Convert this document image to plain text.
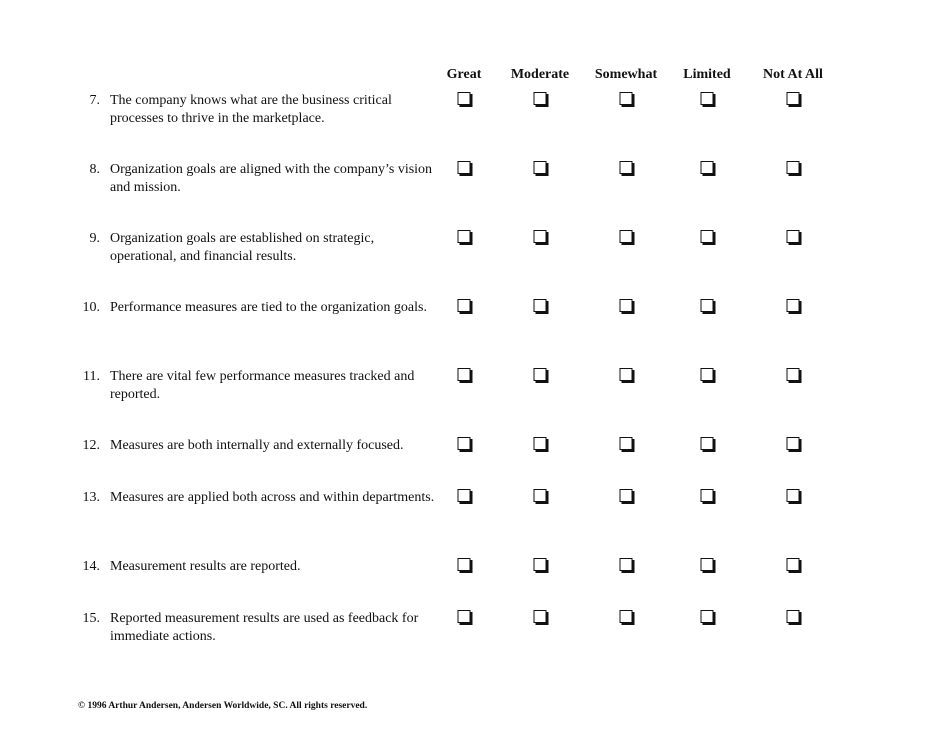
Great Moderate Somewhat Limited Not At All
7. The company knows what are the business critical processes to thrive in the marketplace.
8. Organization goals are aligned with the company’s vision and mission.
9. Organization goals are established on strategic, operational, and financial results.
10. Performance measures are tied to the organization goals.
11. There are vital few performance measures tracked and reported.
12. Measures are both internally and externally focused.
13. Measures are applied both across and within departments.
14. Measurement results are reported.
15. Reported measurement results are used as feedback for immediate actions.
© 1996 Arthur Andersen, Andersen Worldwide, SC. All rights reserved.
